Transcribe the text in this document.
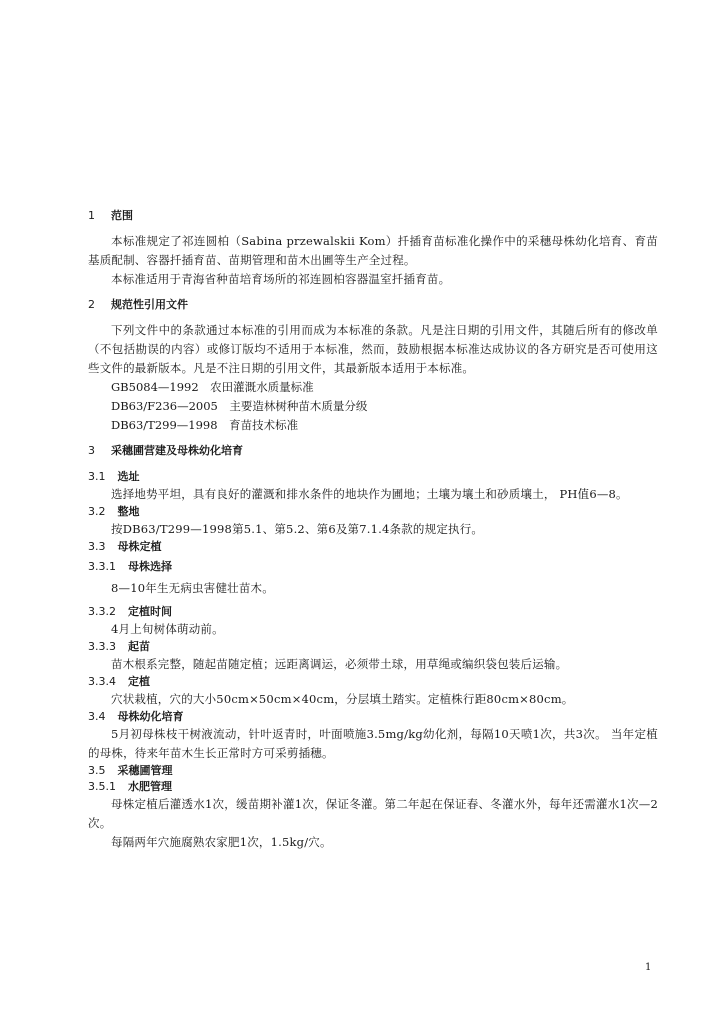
1 范围

本标准规定了祁连圆柏（Sabina przewalskii Kom）扦插育苗标准化操作中的采穗母株幼化培育、育苗基质配制、容器扦插育苗、苗期管理和苗木出圃等生产全过程。

本标准适用于青海省种苗培育场所的祁连圆柏容器温室扦插育苗。

2 规范性引用文件

下列文件中的条款通过本标准的引用而成为本标准的条款。凡是注日期的引用文件，其随后所有的修改单（不包括勘误的内容）或修订版均不适用于本标准，然而，鼓励根据本标准达成协议的各方研究是否可使用这些文件的最新版本。凡是不注日期的引用文件，其最新版本适用于本标准。

GB5084—1992　农田灌溉水质量标准
DB63/F236—2005　主要造林树种苗木质量分级
DB63/T299—1998　育苗技术标准
3 采穗圃营建及母株幼化培育
3.1 选址

选择地势平坦，具有良好的灌溉和排水条件的地块作为圃地；土壤为壤土和砂质壤土， PH值6—8。

3.2 整地

按DB63/T299—1998第5.1、第5.2、第6及第7.1.4条款的规定执行。

3.3 母株定植
3.3.1 母株选择

8—10年生无病虫害健壮苗木。

3.3.2 定植时间

4月上旬树体萌动前。

3.3.3 起苗

苗木根系完整，随起苗随定植；远距离调运，必须带土球，用草绳或编织袋包装后运输。

3.3.4 定植

穴状栽植，穴的大小50cm×50cm×40cm，分层填土踏实。定植株行距80cm×80cm。

3.4 母株幼化培育

5月初母株枝干树液流动，针叶返青时，叶面喷施3.5mg/kg幼化剂，每隔10天喷1次，共3次。 当年定植的母株，待来年苗木生长正常时方可采剪插穗。

3.5 采穗圃管理
3.5.1 水肥管理

母株定植后灌透水1次，缓苗期补灌1次，保证冬灌。第二年起在保证春、冬灌水外，每年还需灌水1次—2次。

每隔两年穴施腐熟农家肥1次，1.5kg/穴。

1
